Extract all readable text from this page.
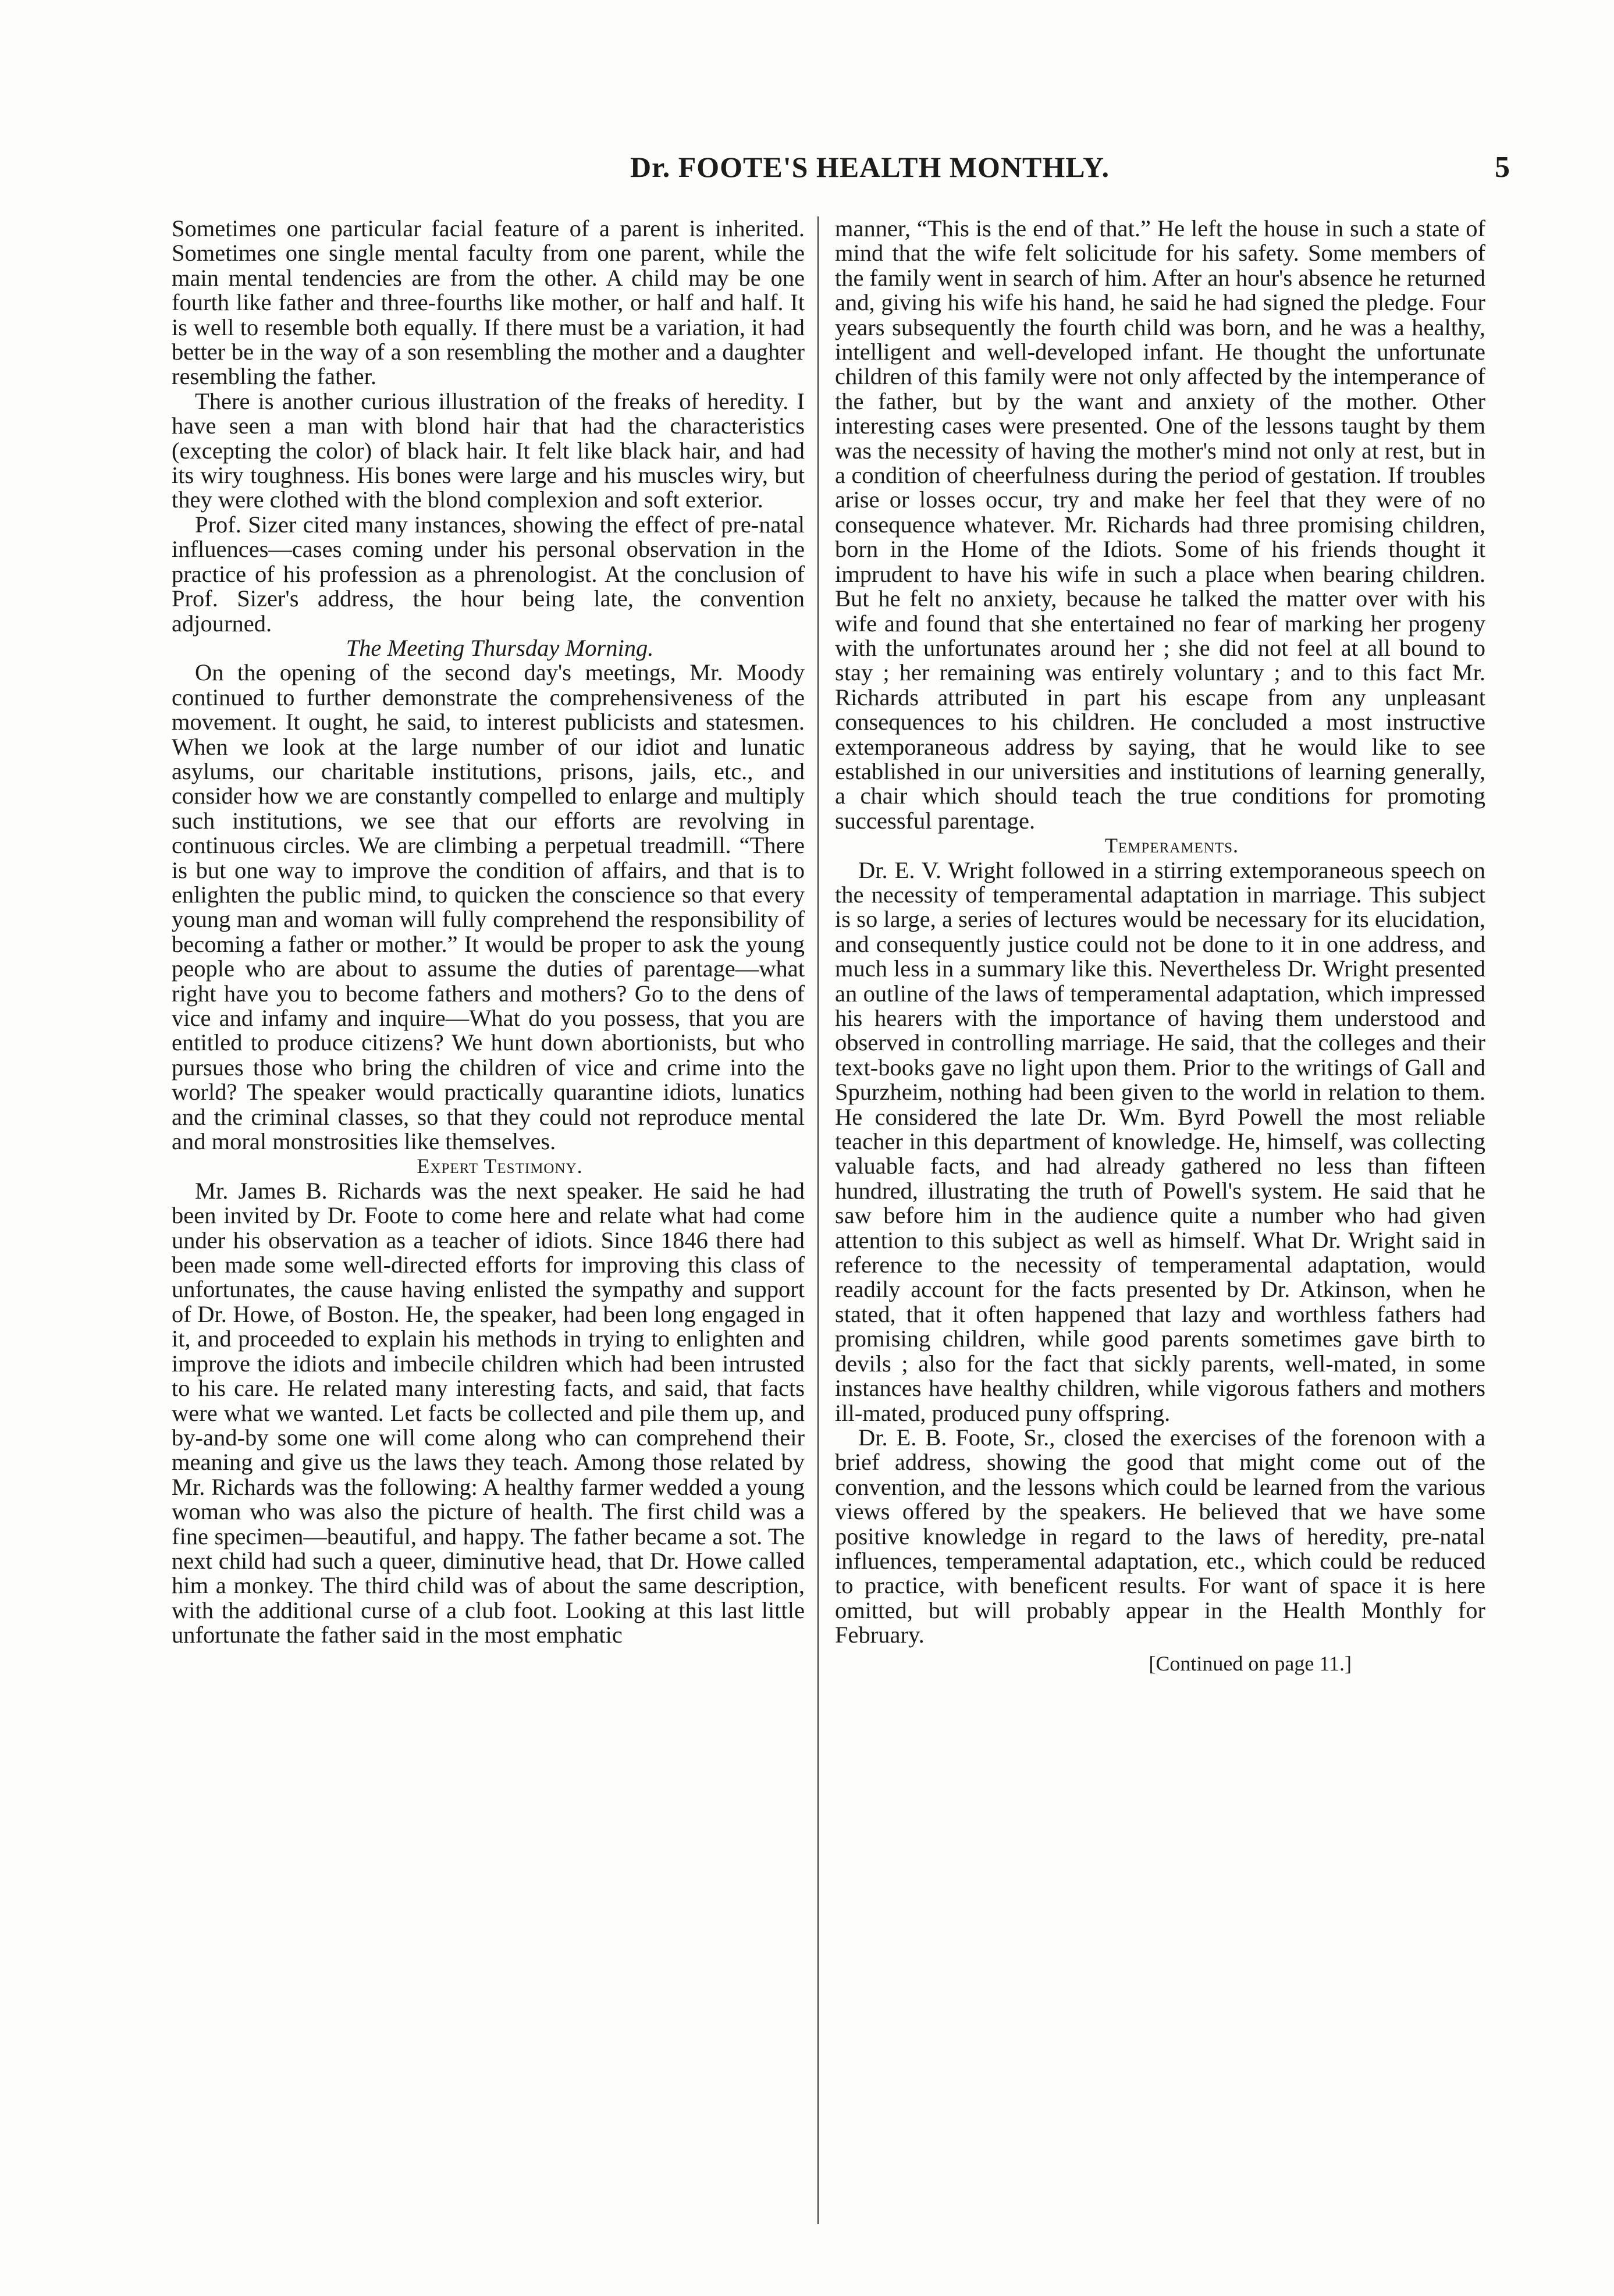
Dr. FOOTE'S HEALTH MONTHLY.	5

Sometimes one particular facial feature of a parent is inherited. Sometimes one single mental faculty from one parent, while the main mental tendencies are from the other. A child may be one fourth like father and three-fourths like mother, or half and half. It is well to resemble both equally. If there must be a variation, it had better be in the way of a son resembling the mother and a daughter resembling the father.

There is another curious illustration of the freaks of heredity. I have seen a man with blond hair that had the characteristics (excepting the color) of black hair. It felt like black hair, and had its wiry toughness. His bones were large and his muscles wiry, but they were clothed with the blond complexion and soft exterior.

Prof. Sizer cited many instances, showing the effect of pre-natal influences—cases coming under his personal observation in the practice of his profession as a phrenologist. At the conclusion of Prof. Sizer's address, the hour being late, the convention adjourned.

The Meeting Thursday Morning.

On the opening of the second day's meetings, Mr. Moody continued to further demonstrate the comprehensiveness of the movement. It ought, he said, to interest publicists and statesmen. When we look at the large number of our idiot and lunatic asylums, our charitable institutions, prisons, jails, etc., and consider how we are constantly compelled to enlarge and multiply such institutions, we see that our efforts are revolving in continuous circles. We are climbing a perpetual treadmill. “There is but one way to improve the condition of affairs, and that is to enlighten the public mind, to quicken the conscience so that every young man and woman will fully comprehend the responsibility of becoming a father or mother.” It would be proper to ask the young people who are about to assume the duties of parentage—what right have you to become fathers and mothers? Go to the dens of vice and infamy and inquire—What do you possess, that you are entitled to produce citizens? We hunt down abortionists, but who pursues those who bring the children of vice and crime into the world? The speaker would practically quarantine idiots, lunatics and the criminal classes, so that they could not reproduce mental and moral monstrosities like themselves.

Expert Testimony.

Mr. James B. Richards was the next speaker. He said he had been invited by Dr. Foote to come here and relate what had come under his observation as a teacher of idiots. Since 1846 there had been made some well-directed efforts for improving this class of unfortunates, the cause having enlisted the sympathy and support of Dr. Howe, of Boston. He, the speaker, had been long engaged in it, and proceeded to explain his methods in trying to enlighten and improve the idiots and imbecile children which had been intrusted to his care. He related many interesting facts, and said, that facts were what we wanted. Let facts be collected and pile them up, and by-and-by some one will come along who can comprehend their meaning and give us the laws they teach. Among those related by Mr. Richards was the following: A healthy farmer wedded a young woman who was also the picture of health. The first child was a fine specimen—beautiful, and happy. The father became a sot. The next child had such a queer, diminutive head, that Dr. Howe called him a monkey. The third child was of about the same description, with the additional curse of a club foot. Looking at this last little unfortunate the father said in the most emphatic

manner, “This is the end of that.” He left the house in such a state of mind that the wife felt solicitude for his safety. Some members of the family went in search of him. After an hour's absence he returned and, giving his wife his hand, he said he had signed the pledge. Four years subsequently the fourth child was born, and he was a healthy, intelligent and well-developed infant. He thought the unfortunate children of this family were not only affected by the intemperance of the father, but by the want and anxiety of the mother. Other interesting cases were presented. One of the lessons taught by them was the necessity of having the mother's mind not only at rest, but in a condition of cheerfulness during the period of gestation. If troubles arise or losses occur, try and make her feel that they were of no consequence whatever. Mr. Richards had three promising children, born in the Home of the Idiots. Some of his friends thought it imprudent to have his wife in such a place when bearing children. But he felt no anxiety, because he talked the matter over with his wife and found that she entertained no fear of marking her progeny with the unfortunates around her ; she did not feel at all bound to stay ; her remaining was entirely voluntary ; and to this fact Mr. Richards attributed in part his escape from any unpleasant consequences to his children. He concluded a most instructive extemporaneous address by saying, that he would like to see established in our universities and institutions of learning generally, a chair which should teach the true conditions for promoting successful parentage.

Temperaments.

Dr. E. V. Wright followed in a stirring extemporaneous speech on the necessity of temperamental adaptation in marriage. This subject is so large, a series of lectures would be necessary for its elucidation, and consequently justice could not be done to it in one address, and much less in a summary like this. Nevertheless Dr. Wright presented an outline of the laws of temperamental adaptation, which impressed his hearers with the importance of having them understood and observed in controlling marriage. He said, that the colleges and their text-books gave no light upon them. Prior to the writings of Gall and Spurzheim, nothing had been given to the world in relation to them. He considered the late Dr. Wm. Byrd Powell the most reliable teacher in this department of knowledge. He, himself, was collecting valuable facts, and had already gathered no less than fifteen hundred, illustrating the truth of Powell's system. He said that he saw before him in the audience quite a number who had given attention to this subject as well as himself. What Dr. Wright said in reference to the necessity of temperamental adaptation, would readily account for the facts presented by Dr. Atkinson, when he stated, that it often happened that lazy and worthless fathers had promising children, while good parents sometimes gave birth to devils ; also for the fact that sickly parents, well-mated, in some instances have healthy children, while vigorous fathers and mothers ill-mated, produced puny offspring.

Dr. E. B. Foote, Sr., closed the exercises of the forenoon with a brief address, showing the good that might come out of the convention, and the lessons which could be learned from the various views offered by the speakers. He believed that we have some positive knowledge in regard to the laws of heredity, pre-natal influences, temperamental adaptation, etc., which could be reduced to practice, with beneficent results. For want of space it is here omitted, but will probably appear in the Health Monthly for February.

[Continued on page 11.]
